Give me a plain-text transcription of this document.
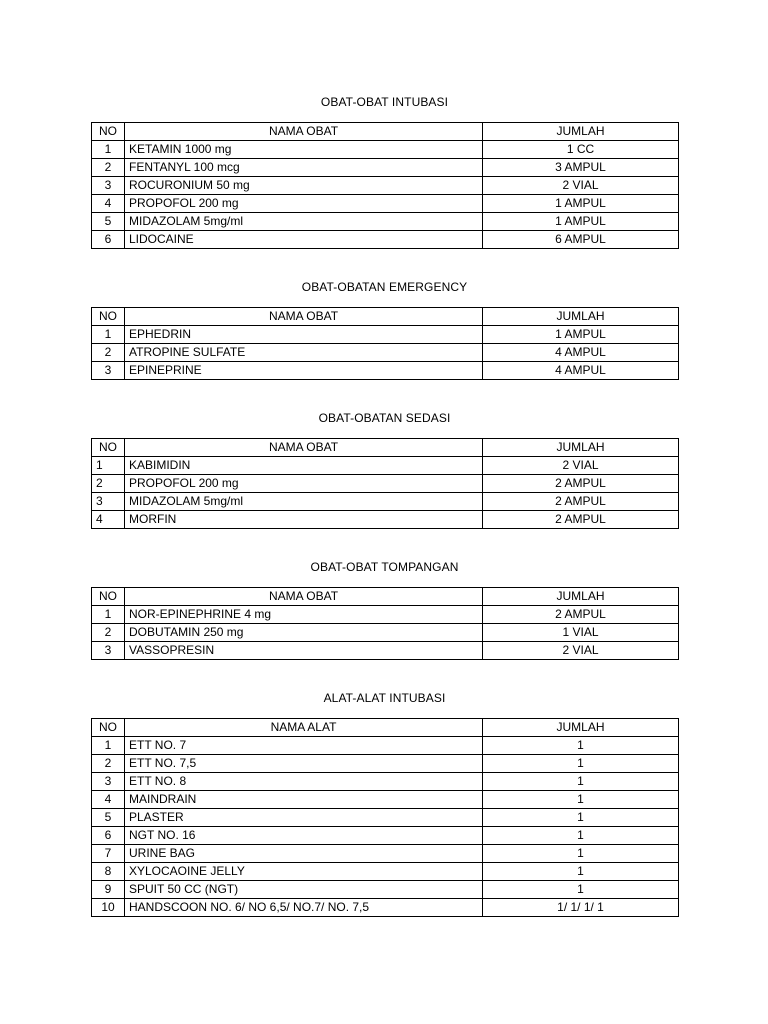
OBAT-OBAT INTUBASI
NO	NAMA OBAT	JUMLAH
1	KETAMIN 1000 mg	1 CC
2	FENTANYL 100 mcg	3 AMPUL
3	ROCURONIUM 50 mg	2 VIAL
4	PROPOFOL 200 mg	1 AMPUL
5	MIDAZOLAM 5mg/ml	1 AMPUL
6	LIDOCAINE	6 AMPUL
OBAT-OBATAN EMERGENCY
NO	NAMA OBAT	JUMLAH
1	EPHEDRIN	1 AMPUL
2	ATROPINE SULFATE	4 AMPUL
3	EPINEPRINE	4 AMPUL
OBAT-OBATAN SEDASI
NO	NAMA OBAT	JUMLAH
1	KABIMIDIN	2 VIAL
2	PROPOFOL 200 mg	2 AMPUL
3	MIDAZOLAM 5mg/ml	2 AMPUL
4	MORFIN	2 AMPUL
OBAT-OBAT TOMPANGAN
NO	NAMA OBAT	JUMLAH
1	NOR-EPINEPHRINE 4 mg	2 AMPUL
2	DOBUTAMIN 250 mg	1 VIAL
3	VASSOPRESIN	2 VIAL
ALAT-ALAT INTUBASI
NO	NAMA ALAT	JUMLAH
1	ETT NO. 7	1
2	ETT NO. 7,5	1
3	ETT NO. 8	1
4	MAINDRAIN	1
5	PLASTER	1
6	NGT NO. 16	1
7	URINE BAG	1
8	XYLOCAOINE JELLY	1
9	SPUIT 50 CC (NGT)	1
10	HANDSCOON NO. 6/ NO 6,5/ NO.7/ NO. 7,5	1/ 1/ 1/ 1
